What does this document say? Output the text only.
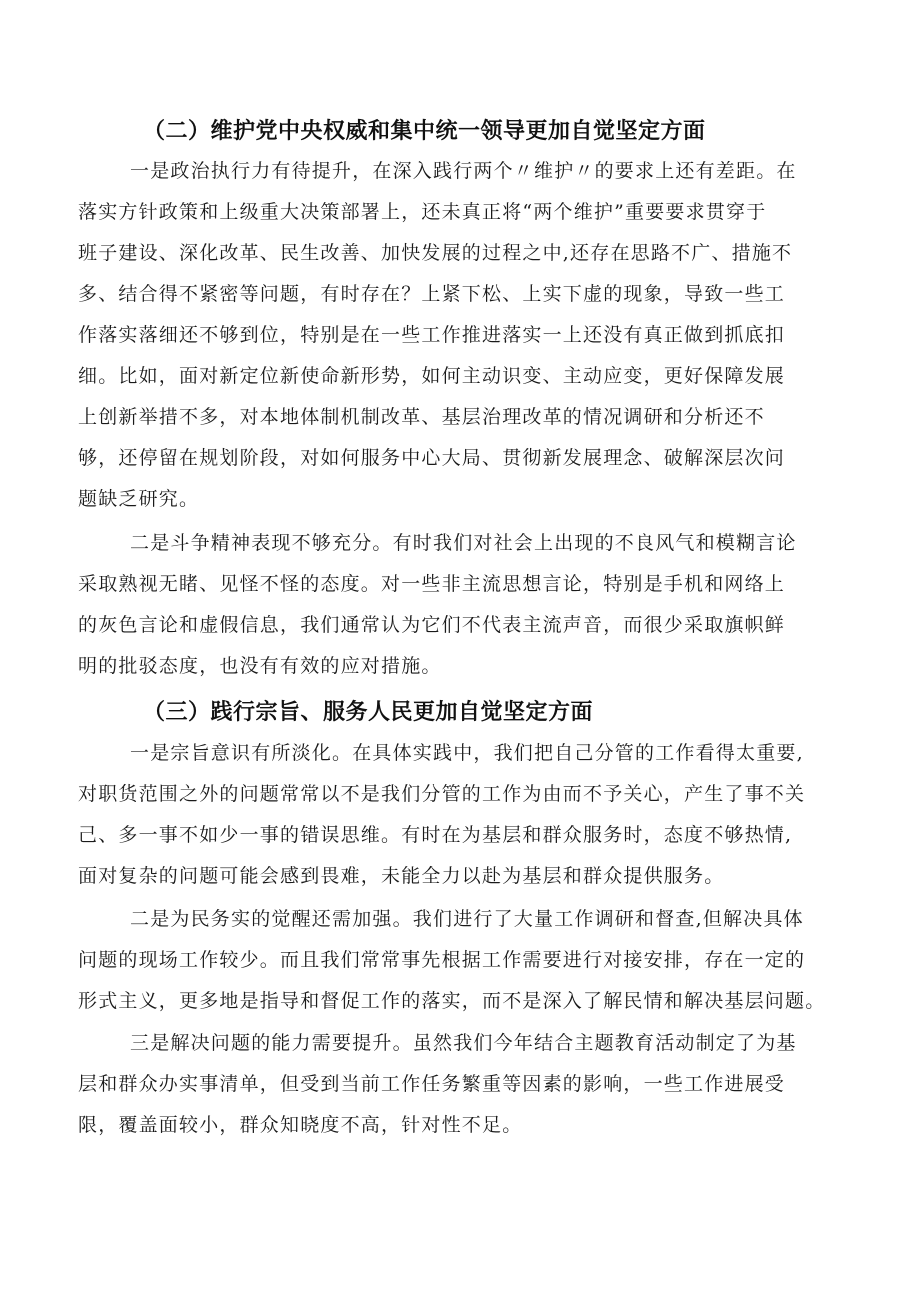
（二）维护党中央权威和集中统一领导更加自觉坚定方面
一是政治执行力有待提升，在深入践行两个〃维护〃的要求上还有差距。在
落实方针政策和上级重大决策部署上，还未真正将“两个维护”重要要求贯穿于
班子建设、深化改革、民生改善、加快发展的过程之中,还存在思路不广、措施不
多、结合得不紧密等问题，有时存在？上紧下松、上实下虚的现象，导致一些工
作落实落细还不够到位，特别是在一些工作推进落实一上还没有真正做到抓底扣
细。比如，面对新定位新使命新形势，如何主动识变、主动应变，更好保障发展
上创新举措不多，对本地体制机制改革、基层治理改革的情况调研和分析还不
够，还停留在规划阶段，对如何服务中心大局、贯彻新发展理念、破解深层次问
题缺乏研究。
二是斗争精神表现不够充分。有时我们对社会上出现的不良风气和模糊言论
采取熟视无睹、见怪不怪的态度。对一些非主流思想言论，特别是手机和网络上
的灰色言论和虚假信息，我们通常认为它们不代表主流声音，而很少采取旗帜鲜
明的批驳态度，也没有有效的应对措施。
（三）践行宗旨、服务人民更加自觉坚定方面
一是宗旨意识有所淡化。在具体实践中，我们把自己分管的工作看得太重要,
对职货范围之外的问题常常以不是我们分管的工作为由而不予关心，产生了事不关
己、多一事不如少一事的错误思维。有时在为基层和群众服务时，态度不够热情,
面对复杂的问题可能会感到畏难，未能全力以赴为基层和群众提供服务。
二是为民务实的觉醒还需加强。我们进行了大量工作调研和督查,但解决具体
问题的现场工作较少。而且我们常常事先根据工作需要进行对接安排，存在一定的
形式主义，更多地是指导和督促工作的落实，而不是深入了解民情和解决基层问题。
三是解决问题的能力需要提升。虽然我们今年结合主题教育活动制定了为基
层和群众办实事清单，但受到当前工作任务繁重等因素的影响，一些工作进展受
限，覆盖面较小，群众知晓度不高，针对性不足。
